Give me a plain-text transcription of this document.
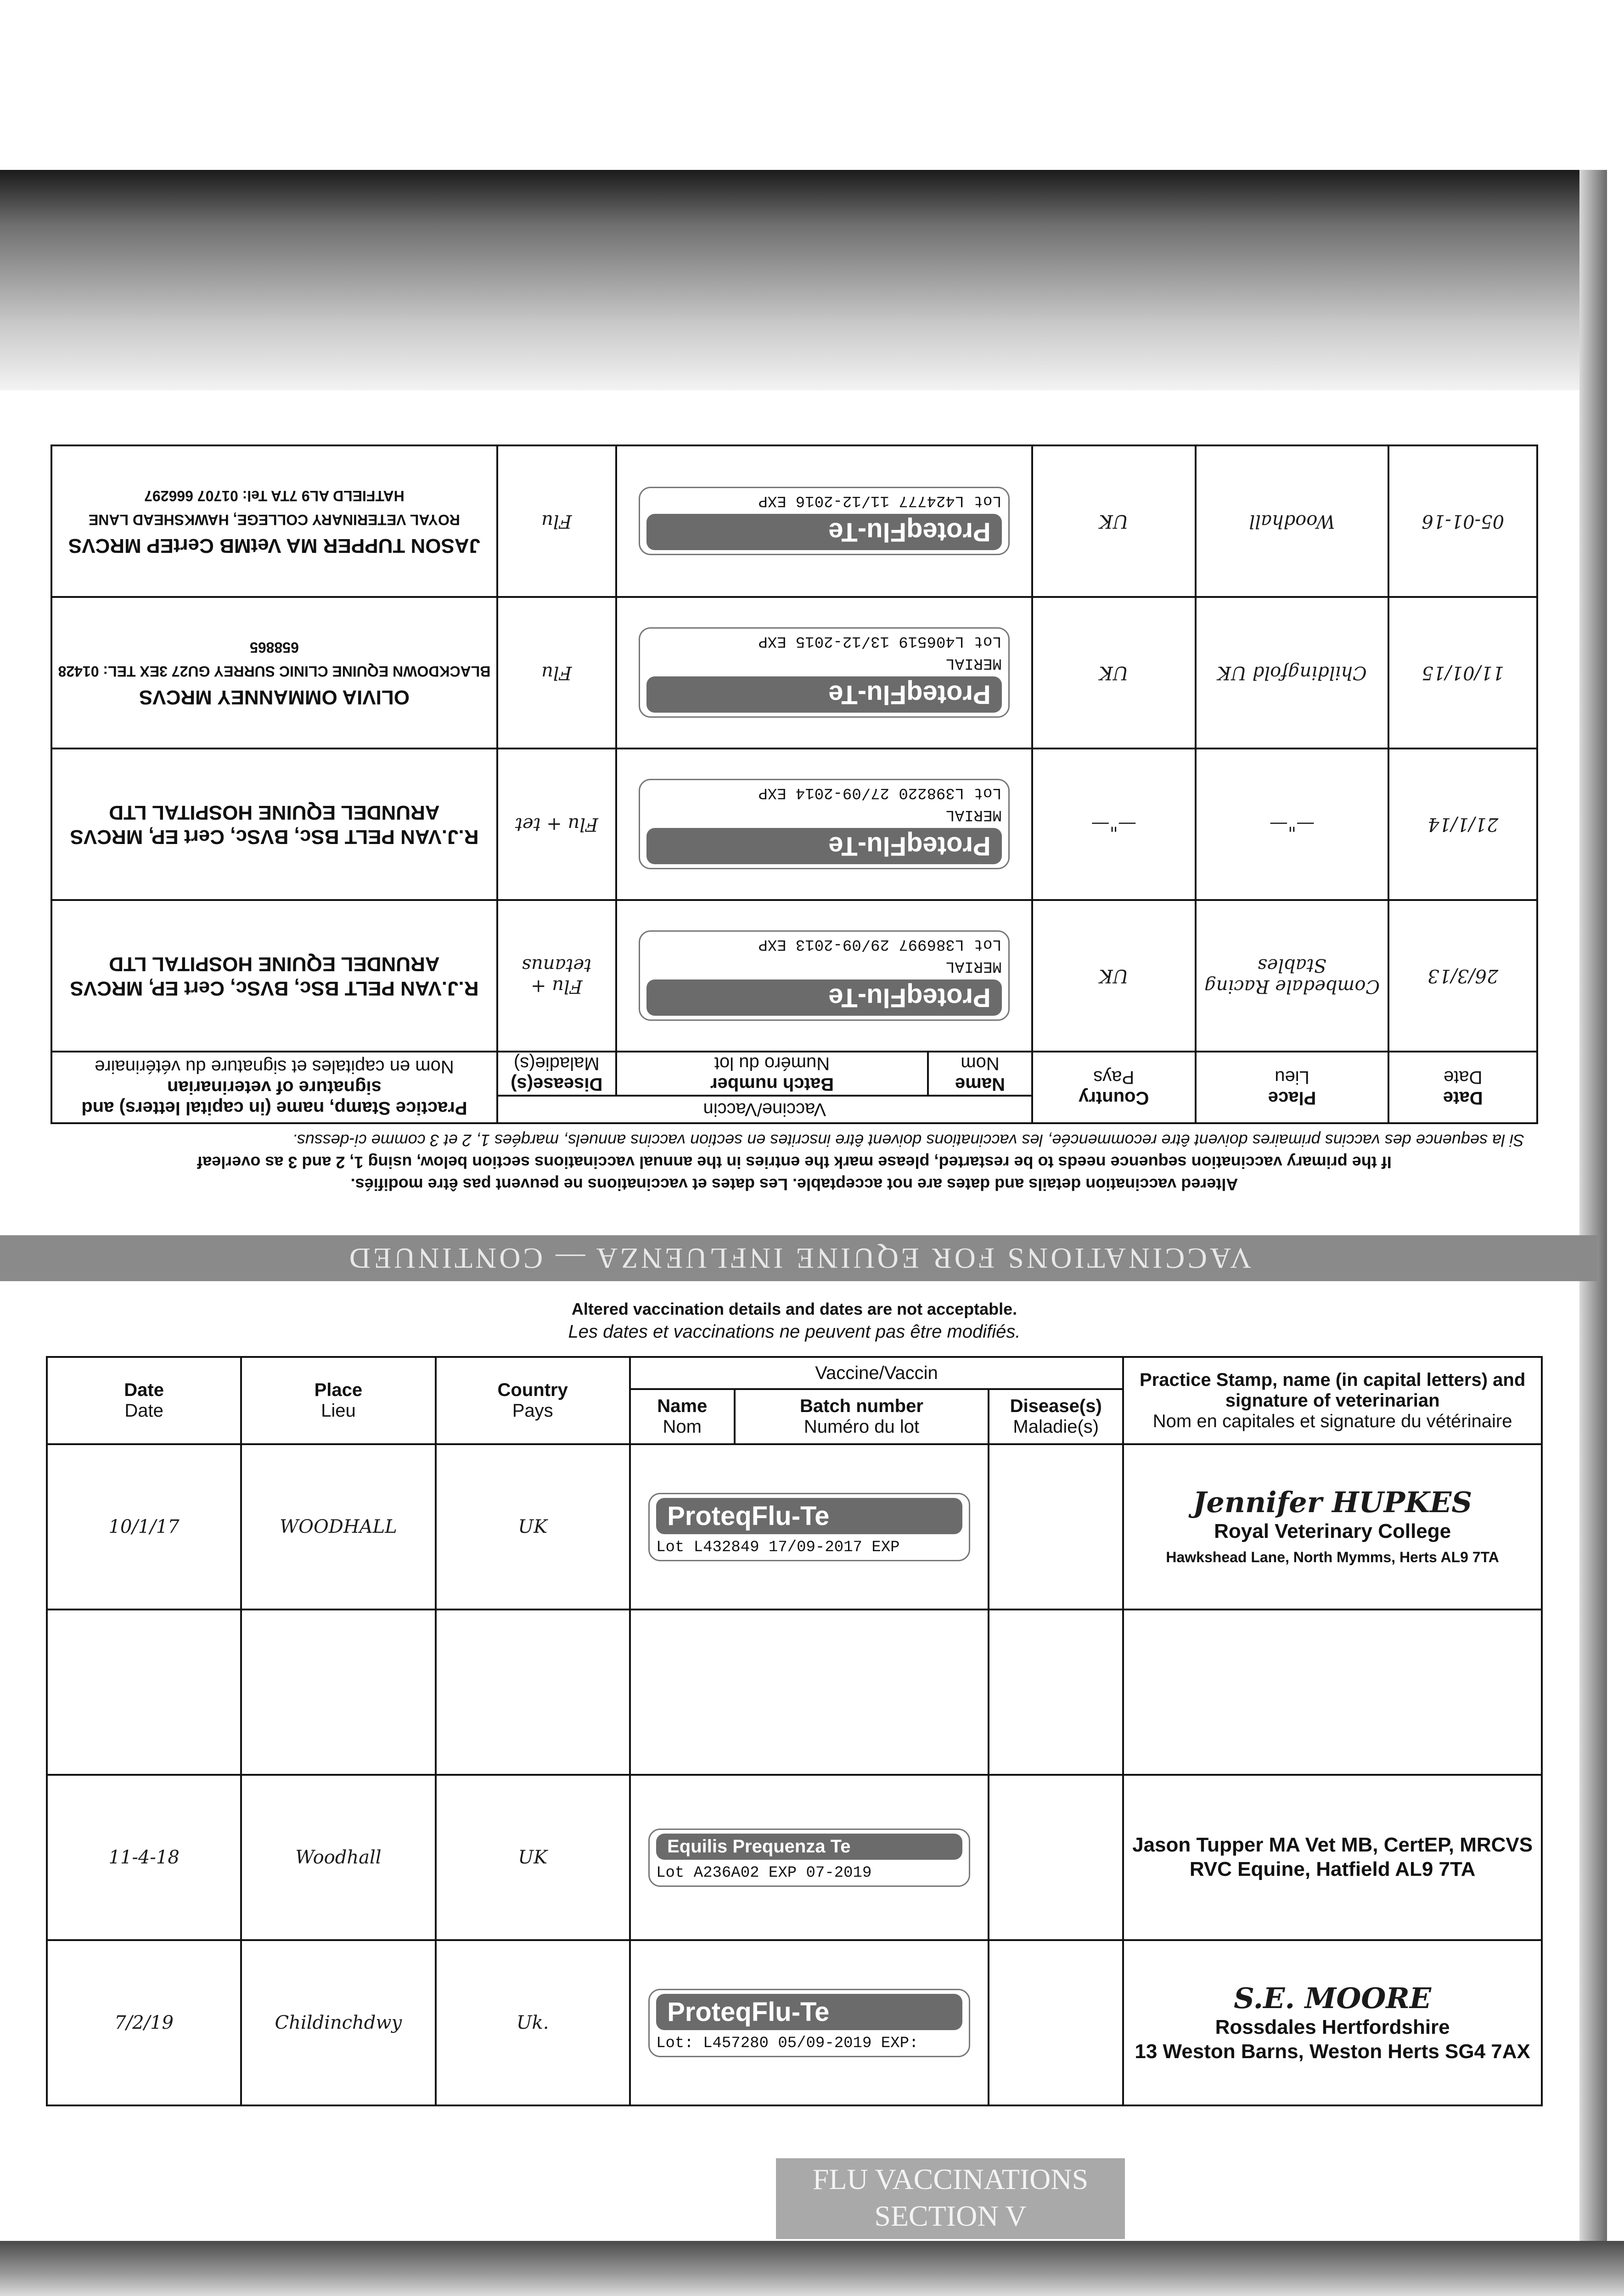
Altered vaccination details and dates are not acceptable. Les dates et vaccinations ne peuvent pas être modifiés.

If the primary vaccination sequence needs to be restarted, please mark the entries in the annual vaccinations section below, using 1, 2 and 3 as overleaf

Si la sequence des vaccins primaires doivent être recommencée, les vaccinations doivent être inscrites en section vaccins annuels, marqées 1, 2 et 3 comme ci-dessus.

Date
Date	Place
Lieu	Country
Pays	Vaccine/Vaccin			Practice Stamp, name (in capital letters) and signature of veterinarian
Nom en capitales et signature du vétérinaire

			Name
Nom	Batch number
Numéro du lot	Disease(s)
Maladie(s)	
26/3/13	Combedale Racing Stables	UK	ProteqFlu-Te
MERIAL
Lot L386997 29/09-2013 EXP		Flu + tetanus	R.J.VAN PELT BSc, BVSc, Cert EP, MRCVS
ARUNDEL EQUINE HOSPITAL LTD

21/1/14	—"—	—"—	ProteqFlu-Te
MERIAL
Lot L398220 27/09-2014 EXP		Flu + tet	R.J.VAN PELT BSc, BVSc, Cert EP, MRCVS
ARUNDEL EQUINE HOSPITAL LTD

11/01/15	Childingfold UK	UK	ProteqFlu-Te
MERIAL
Lot L406519 13/12-2015 EXP		Flu	OLIVIA OMMANNEY MRCVS
BLACKDOWN EQUINE CLINIC SURREY GU27 3EX TEL: 01428 658865

05-01-16	Woodhall	UK	ProteqFlu-Te
Lot L424777 11/12-2016 EXP		Flu	JASON TUPPER MA VetMB CertEP MRCVS
ROYAL VETERINARY COLLEGE, HAWKSHEAD LANE HATFIELD AL9 7TA Tel: 01707 666297
VACCINATIONS FOR EQUINE INFLUENZA — CONTINUED

Altered vaccination details and dates are not acceptable.

Les dates et vaccinations ne peuvent pas être modifiés.

Date
Date	Place
Lieu	Country
Pays	Vaccine/Vaccin			Practice Stamp, name (in capital letters) and signature of veterinarian
Nom en capitales et signature du vétérinaire

			Name
Nom	Batch number
Numéro du lot	Disease(s)
Maladie(s)	
10/1/17	WOODHALL	UK	ProteqFlu-Te
Lot L432849 17/09-2017 EXP			Jennifer HUPKES
Royal Veterinary College
Hawkshead Lane, North Mymms, Herts AL9 7TA

11-4-18	Woodhall	UK	Equilis Prequenza Te
Lot A236A02 EXP 07-2019			Jason Tupper MA Vet MB, CertEP, MRCVS
RVC Equine, Hatfield AL9 7TA

7/2/19	Childinchdwy	Uk.	ProteqFlu-Te
Lot: L457280 05/09-2019 EXP:			S.E. MOORE
Rossdales Hertfordshire
13 Weston Barns, Weston Herts SG4 7AX
FLU VACCINATIONS
SECTION V
